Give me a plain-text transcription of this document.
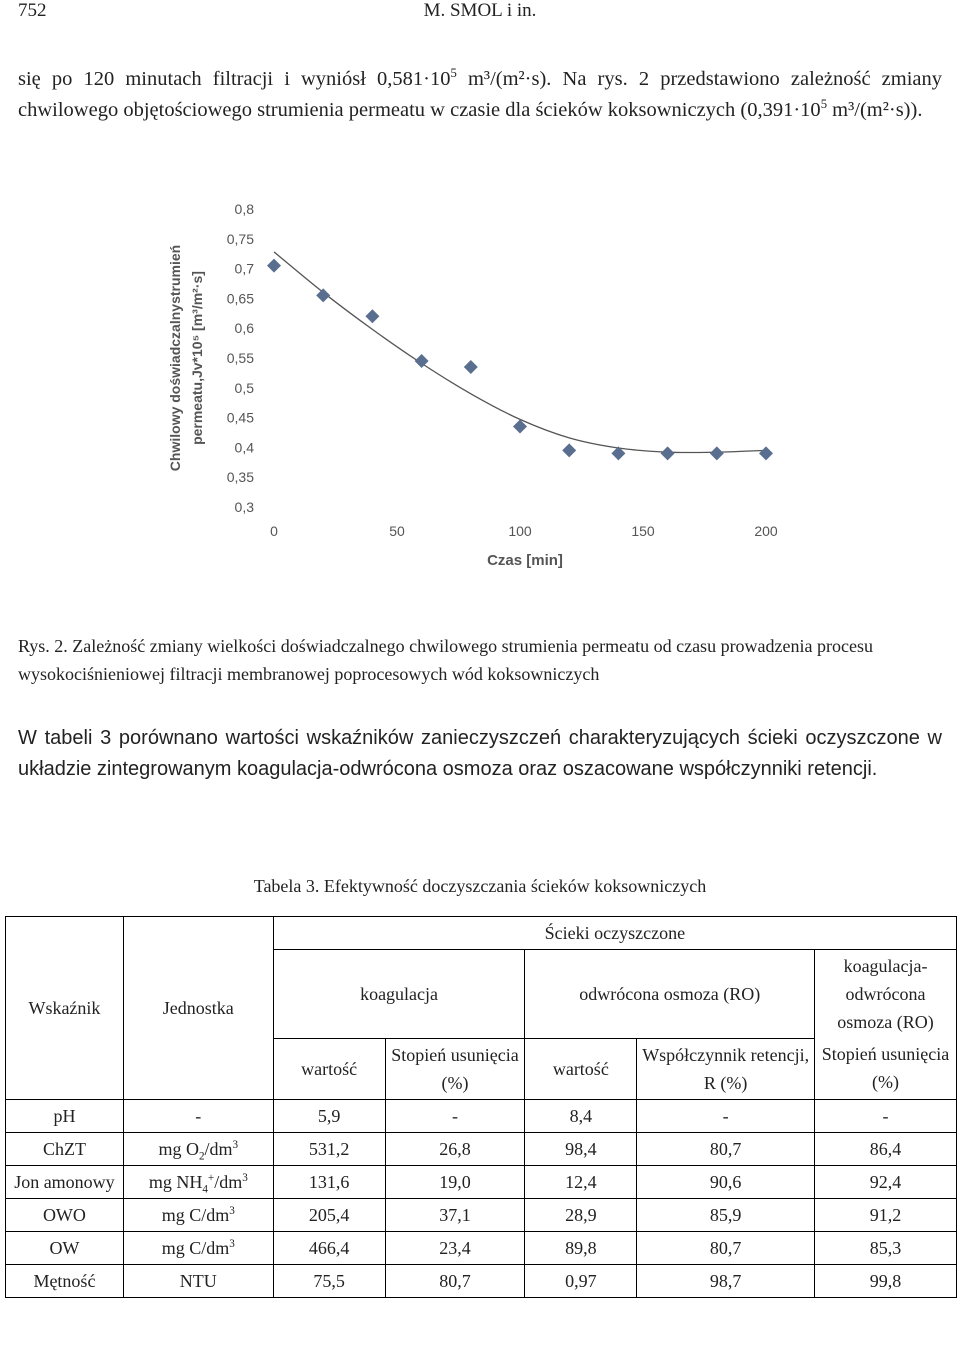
752	M. SMOL i in.
się po 120 minutach filtracji i wyniósł $0,581\cdot 10^5$ m³/(m²·s). Na rys. 2 przedstawiono zależność zmiany chwilowego objętościowego strumienia permeatu w czasie dla ścieków koksowniczych ($0,391\cdot 10^5$ m³/(m²·s)).
Chwilowy doświadczalnystrumień permeatu,Jv*10⁵ [m³/m²·s]
0,3
0,35
0,4
0,45
0,5
0,55
0,6
0,65
0,7
0,75
0,8
0	50	100	150	200
Czas [min]
Rys. 2. Zależność zmiany wielkości doświadczalnego chwilowego strumienia permeatu od czasu prowadzenia procesu wysokociśnieniowej filtracji membranowej poprocesowych wód koksowniczych
W tabeli 3 porównano wartości wskaźników zanieczyszczeń charakteryzujących ścieki oczyszczone w układzie zintegrowanym koagulacja-odwrócona osmoza oraz oszacowane współczynniki retencji.
Tabela 3. Efektywność doczyszczania ścieków koksowniczych
Wskaźnik	Jednostka	Ścieki oczyszczone				
		koagulacja		odwrócona osmoza (RO)		koagulacja-odwrócona osmoza (RO)
		wartość	Stopień usunięcia (%)	wartość	Współczynnik retencji, R (%)	Stopień usunięcia (%)
pH	-	5,9	-	8,4	-	-
ChZT	mg $O_2/dm^3$	531,2	26,8	98,4	80,7	86,4
Jon amonowy	mg $NH_4^+/dm^3$	131,6	19,0	12,4	90,6	92,4
OWO	mg $C/dm^3$	205,4	37,1	28,9	85,9	91,2
OW	mg $C/dm^3$	466,4	23,4	89,8	80,7	85,3
Mętność	NTU	75,5	80,7	0,97	98,7	99,8
